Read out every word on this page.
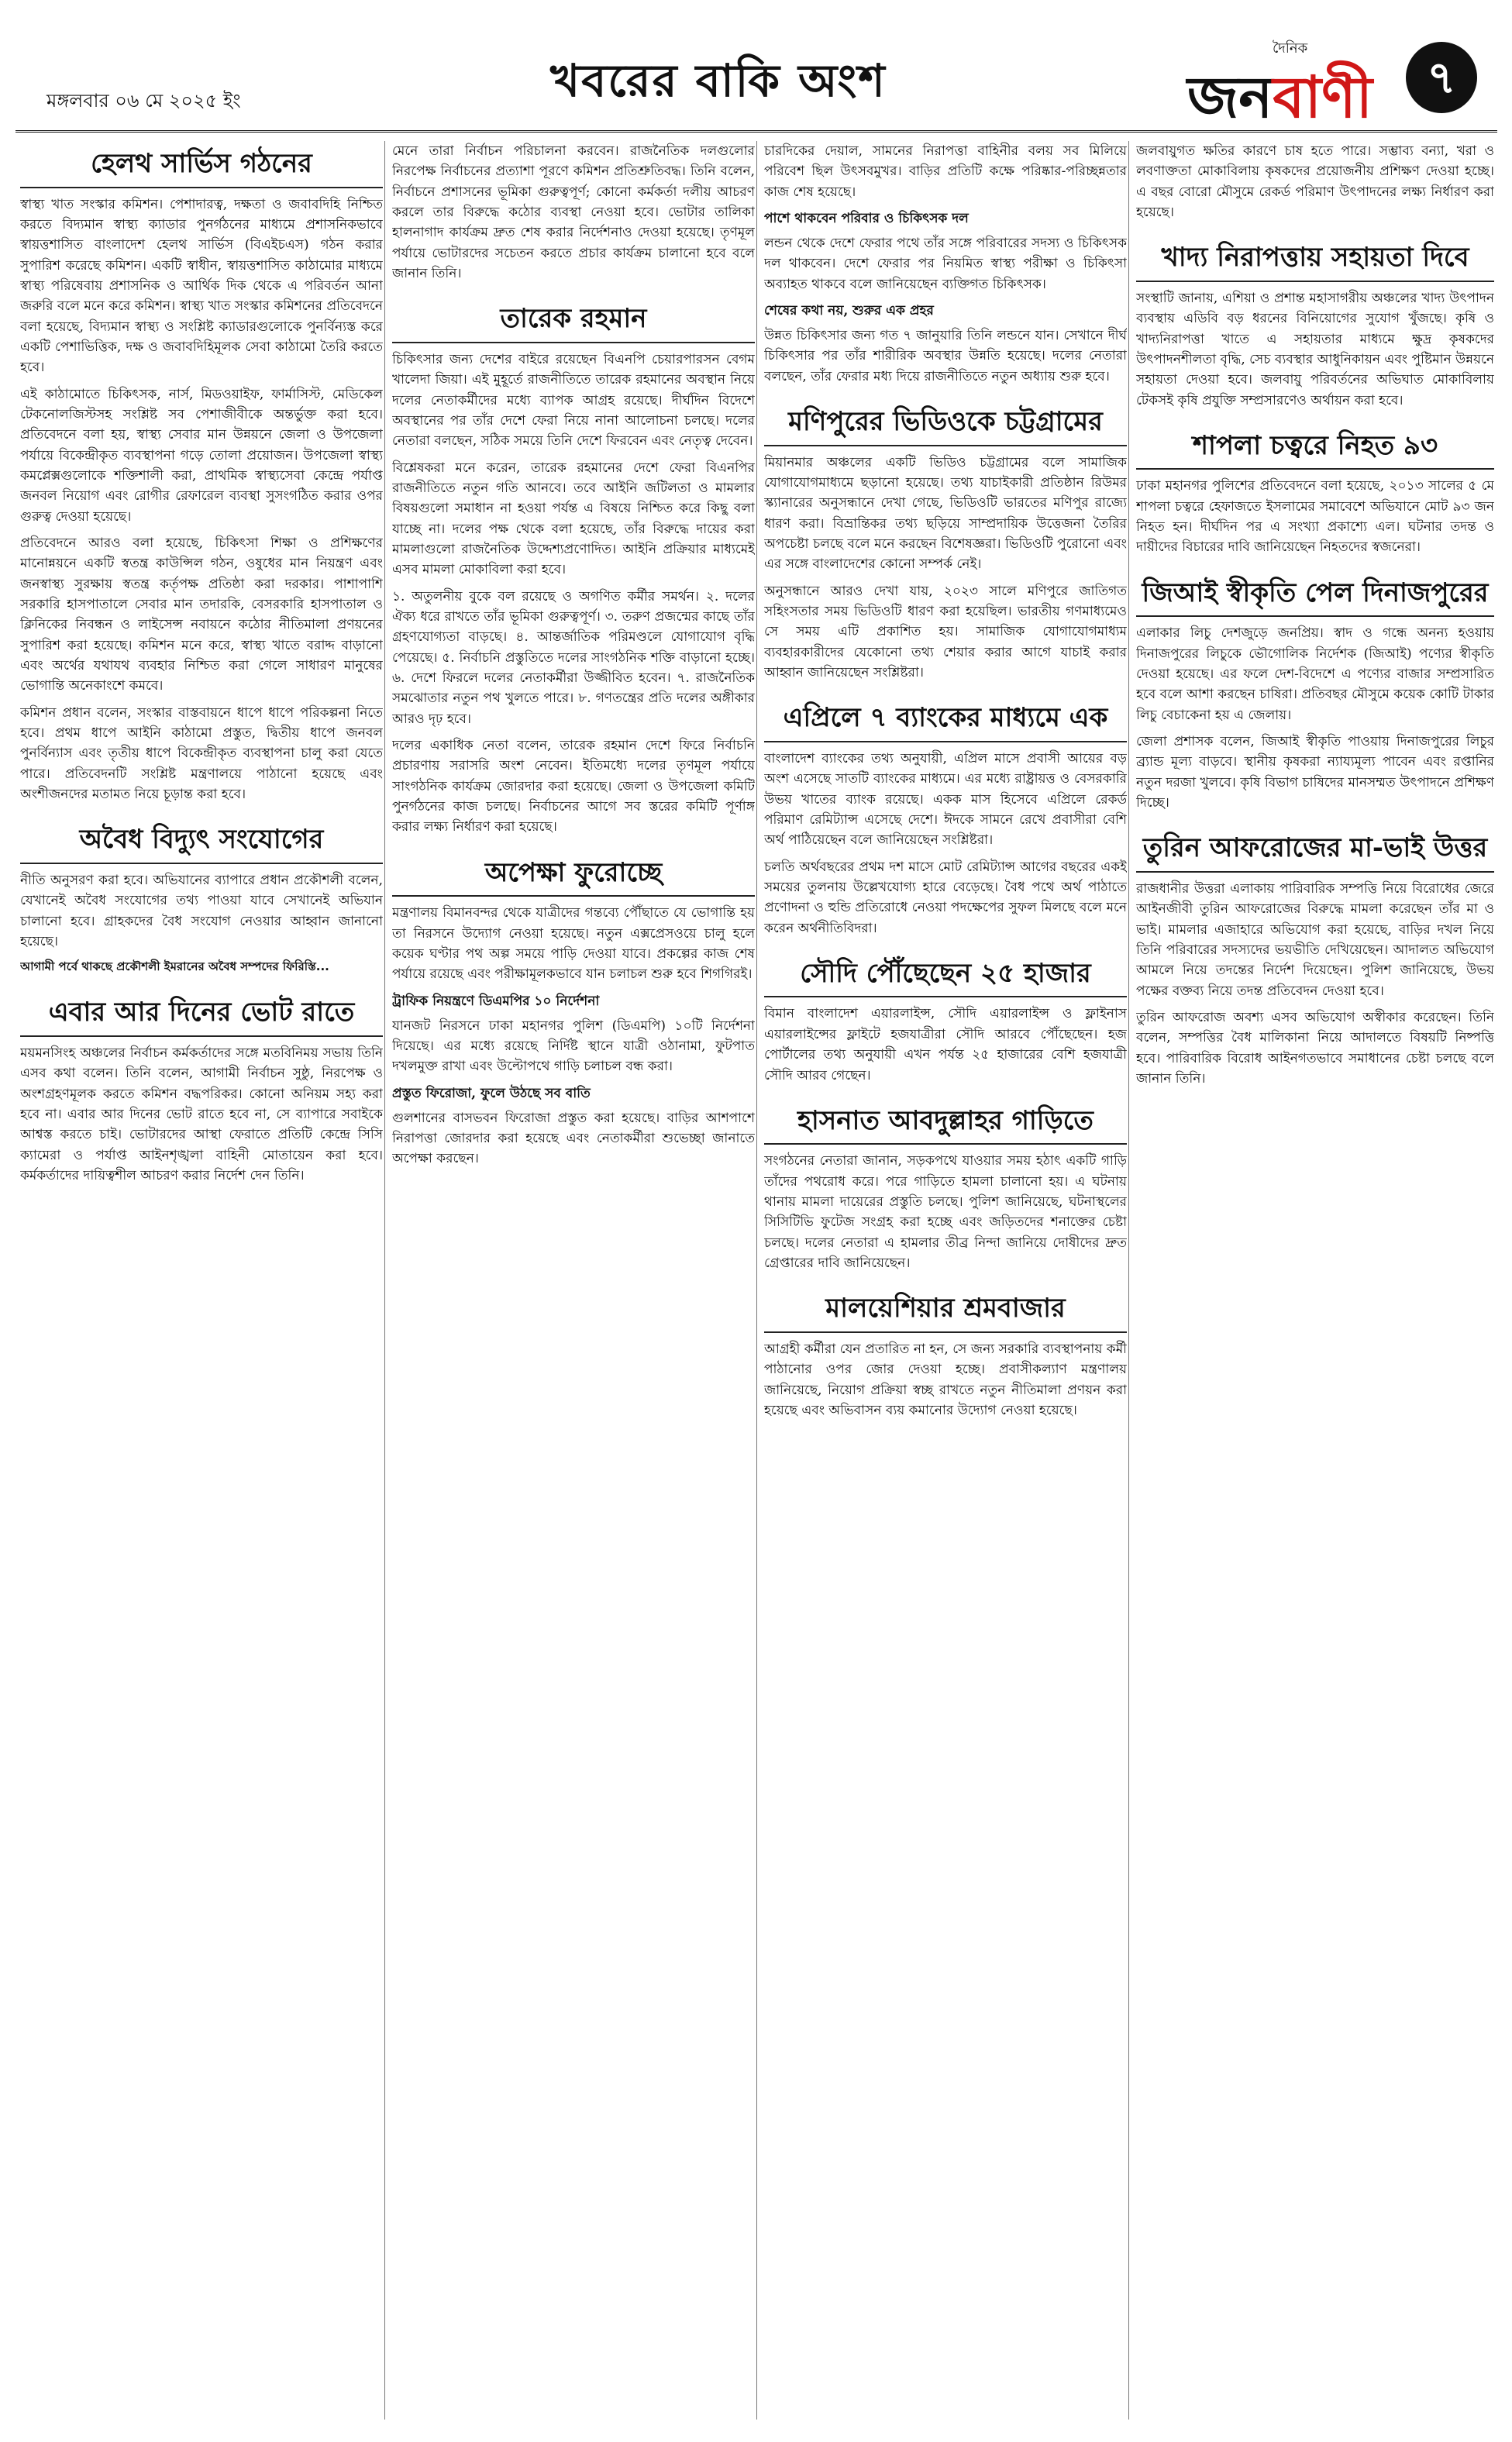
মঙ্গলবার ০৬ মে ২০২৫ ইং	খবরের বাকি অংশ
দৈনিক
জনবাণী	৭
হেলথ সার্ভিস গঠনের

স্বাস্থ্য খাত সংস্কার কমিশন। পেশাদারত্ব, দক্ষতা ও জবাবদিহি নিশ্চিত করতে বিদ্যমান স্বাস্থ্য ক্যাডার পুনর্গঠনের মাধ্যমে প্রশাসনিকভাবে স্বায়ত্তশাসিত বাংলাদেশ হেলথ সার্ভিস (বিএইচএস) গঠন করার সুপারিশ করেছে কমিশন। একটি স্বাধীন, স্বায়ত্তশাসিত কাঠামোর মাধ্যমে স্বাস্থ্য পরিষেবায় প্রশাসনিক ও আর্থিক দিক থেকে এ পরিবর্তন আনা জরুরি বলে মনে করে কমিশন। স্বাস্থ্য খাত সংস্কার কমিশনের প্রতিবেদনে বলা হয়েছে, বিদ্যমান স্বাস্থ্য ও সংশ্লিষ্ট ক্যাডারগুলোকে পুনর্বিন্যস্ত করে একটি পেশাভিত্তিক, দক্ষ ও জবাবদিহিমূলক সেবা কাঠামো তৈরি করতে হবে।

এই কাঠামোতে চিকিৎসক, নার্স, মিডওয়াইফ, ফার্মাসিস্ট, মেডিকেল টেকনোলজিস্টসহ সংশ্লিষ্ট সব পেশাজীবীকে অন্তর্ভুক্ত করা হবে। প্রতিবেদনে বলা হয়, স্বাস্থ্য সেবার মান উন্নয়নে জেলা ও উপজেলা পর্যায়ে বিকেন্দ্রীকৃত ব্যবস্থাপনা গড়ে তোলা প্রয়োজন। উপজেলা স্বাস্থ্য কমপ্লেক্সগুলোকে শক্তিশালী করা, প্রাথমিক স্বাস্থ্যসেবা কেন্দ্রে পর্যাপ্ত জনবল নিয়োগ এবং রোগীর রেফারেল ব্যবস্থা সুসংগঠিত করার ওপর গুরুত্ব দেওয়া হয়েছে।

প্রতিবেদনে আরও বলা হয়েছে, চিকিৎসা শিক্ষা ও প্রশিক্ষণের মানোন্নয়নে একটি স্বতন্ত্র কাউন্সিল গঠন, ওষুধের মান নিয়ন্ত্রণ এবং জনস্বাস্থ্য সুরক্ষায় স্বতন্ত্র কর্তৃপক্ষ প্রতিষ্ঠা করা দরকার। পাশাপাশি সরকারি হাসপাতালে সেবার মান তদারকি, বেসরকারি হাসপাতাল ও ক্লিনিকের নিবন্ধন ও লাইসেন্স নবায়নে কঠোর নীতিমালা প্রণয়নের সুপারিশ করা হয়েছে। কমিশন মনে করে, স্বাস্থ্য খাতে বরাদ্দ বাড়ানো এবং অর্থের যথাযথ ব্যবহার নিশ্চিত করা গেলে সাধারণ মানুষের ভোগান্তি অনেকাংশে কমবে।

কমিশন প্রধান বলেন, সংস্কার বাস্তবায়নে ধাপে ধাপে পরিকল্পনা নিতে হবে। প্রথম ধাপে আইনি কাঠামো প্রস্তুত, দ্বিতীয় ধাপে জনবল পুনর্বিন্যাস এবং তৃতীয় ধাপে বিকেন্দ্রীকৃত ব্যবস্থাপনা চালু করা যেতে পারে। প্রতিবেদনটি সংশ্লিষ্ট মন্ত্রণালয়ে পাঠানো হয়েছে এবং অংশীজনদের মতামত নিয়ে চূড়ান্ত করা হবে।

অবৈধ বিদ্যুৎ সংযোগের

নীতি অনুসরণ করা হবে। অভিযানের ব্যাপারে প্রধান প্রকৌশলী বলেন, যেখানেই অবৈধ সংযোগের তথ্য পাওয়া যাবে সেখানেই অভিযান চালানো হবে। গ্রাহকদের বৈধ সংযোগ নেওয়ার আহ্বান জানানো হয়েছে।

আগামী পর্বে থাকছে প্রকৌশলী ইমরানের অবৈধ সম্পদের ফিরিস্তি...
এবার আর দিনের ভোট রাতে

ময়মনসিংহ অঞ্চলের নির্বাচন কর্মকর্তাদের সঙ্গে মতবিনিময় সভায় তিনি এসব কথা বলেন। তিনি বলেন, আগামী নির্বাচন সুষ্ঠু, নিরপেক্ষ ও অংশগ্রহণমূলক করতে কমিশন বদ্ধপরিকর। কোনো অনিয়ম সহ্য করা হবে না। এবার আর দিনের ভোট রাতে হবে না, সে ব্যাপারে সবাইকে আশ্বস্ত করতে চাই। ভোটারদের আস্থা ফেরাতে প্রতিটি কেন্দ্রে সিসি ক্যামেরা ও পর্যাপ্ত আইনশৃঙ্খলা বাহিনী মোতায়েন করা হবে। কর্মকর্তাদের দায়িত্বশীল আচরণ করার নির্দেশ দেন তিনি।

মেনে তারা নির্বাচন পরিচালনা করবেন। রাজনৈতিক দলগুলোর নিরপেক্ষ নির্বাচনের প্রত্যাশা পূরণে কমিশন প্রতিশ্রুতিবদ্ধ। তিনি বলেন, নির্বাচনে প্রশাসনের ভূমিকা গুরুত্বপূর্ণ; কোনো কর্মকর্তা দলীয় আচরণ করলে তার বিরুদ্ধে কঠোর ব্যবস্থা নেওয়া হবে। ভোটার তালিকা হালনাগাদ কার্যক্রম দ্রুত শেষ করার নির্দেশনাও দেওয়া হয়েছে। তৃণমূল পর্যায়ে ভোটারদের সচেতন করতে প্রচার কার্যক্রম চালানো হবে বলে জানান তিনি।

তারেক রহমান

চিকিৎসার জন্য দেশের বাইরে রয়েছেন বিএনপি চেয়ারপারসন বেগম খালেদা জিয়া। এই মুহূর্তে রাজনীতিতে তারেক রহমানের অবস্থান নিয়ে দলের নেতাকর্মীদের মধ্যে ব্যাপক আগ্রহ রয়েছে। দীর্ঘদিন বিদেশে অবস্থানের পর তাঁর দেশে ফেরা নিয়ে নানা আলোচনা চলছে। দলের নেতারা বলছেন, সঠিক সময়ে তিনি দেশে ফিরবেন এবং নেতৃত্ব দেবেন।

বিশ্লেষকরা মনে করেন, তারেক রহমানের দেশে ফেরা বিএনপির রাজনীতিতে নতুন গতি আনবে। তবে আইনি জটিলতা ও মামলার বিষয়গুলো সমাধান না হওয়া পর্যন্ত এ বিষয়ে নিশ্চিত করে কিছু বলা যাচ্ছে না। দলের পক্ষ থেকে বলা হয়েছে, তাঁর বিরুদ্ধে দায়ের করা মামলাগুলো রাজনৈতিক উদ্দেশ্যপ্রণোদিত। আইনি প্রক্রিয়ার মাধ্যমেই এসব মামলা মোকাবিলা করা হবে।

১. অতুলনীয় বুকে বল রয়েছে ও অগণিত কর্মীর সমর্থন। ২. দলের ঐক্য ধরে রাখতে তাঁর ভূমিকা গুরুত্বপূর্ণ। ৩. তরুণ প্রজন্মের কাছে তাঁর গ্রহণযোগ্যতা বাড়ছে। ৪. আন্তর্জাতিক পরিমণ্ডলে যোগাযোগ বৃদ্ধি পেয়েছে। ৫. নির্বাচনি প্রস্তুতিতে দলের সাংগঠনিক শক্তি বাড়ানো হচ্ছে। ৬. দেশে ফিরলে দলের নেতাকর্মীরা উজ্জীবিত হবেন। ৭. রাজনৈতিক সমঝোতার নতুন পথ খুলতে পারে। ৮. গণতন্ত্রের প্রতি দলের অঙ্গীকার আরও দৃঢ় হবে।

দলের একাধিক নেতা বলেন, তারেক রহমান দেশে ফিরে নির্বাচনি প্রচারণায় সরাসরি অংশ নেবেন। ইতিমধ্যে দলের তৃণমূল পর্যায়ে সাংগঠনিক কার্যক্রম জোরদার করা হয়েছে। জেলা ও উপজেলা কমিটি পুনর্গঠনের কাজ চলছে। নির্বাচনের আগে সব স্তরের কমিটি পূর্ণাঙ্গ করার লক্ষ্য নির্ধারণ করা হয়েছে।

অপেক্ষা ফুরোচ্ছে

মন্ত্রণালয় বিমানবন্দর থেকে যাত্রীদের গন্তব্যে পৌঁছাতে যে ভোগান্তি হয় তা নিরসনে উদ্যোগ নেওয়া হয়েছে। নতুন এক্সপ্রেসওয়ে চালু হলে কয়েক ঘণ্টার পথ অল্প সময়ে পাড়ি দেওয়া যাবে। প্রকল্পের কাজ শেষ পর্যায়ে রয়েছে এবং পরীক্ষামূলকভাবে যান চলাচল শুরু হবে শিগগিরই।

ট্রাফিক নিয়ন্ত্রণে ডিএমপির ১০ নির্দেশনা

যানজট নিরসনে ঢাকা মহানগর পুলিশ (ডিএমপি) ১০টি নির্দেশনা দিয়েছে। এর মধ্যে রয়েছে নির্দিষ্ট স্থানে যাত্রী ওঠানামা, ফুটপাত দখলমুক্ত রাখা এবং উল্টোপথে গাড়ি চলাচল বন্ধ করা।

প্রস্তুত ফিরোজা, ফুলে উঠছে সব বাতি

গুলশানের বাসভবন ফিরোজা প্রস্তুত করা হয়েছে। বাড়ির আশপাশে নিরাপত্তা জোরদার করা হয়েছে এবং নেতাকর্মীরা শুভেচ্ছা জানাতে অপেক্ষা করছেন।

চারদিকের দেয়াল, সামনের নিরাপত্তা বাহিনীর বলয় সব মিলিয়ে পরিবেশ ছিল উৎসবমুখর। বাড়ির প্রতিটি কক্ষে পরিষ্কার-পরিচ্ছন্নতার কাজ শেষ হয়েছে।

পাশে থাকবেন পরিবার ও চিকিৎসক দল

লন্ডন থেকে দেশে ফেরার পথে তাঁর সঙ্গে পরিবারের সদস্য ও চিকিৎসক দল থাকবেন। দেশে ফেরার পর নিয়মিত স্বাস্থ্য পরীক্ষা ও চিকিৎসা অব্যাহত থাকবে বলে জানিয়েছেন ব্যক্তিগত চিকিৎসক।

শেষের কথা নয়, শুরুর এক প্রহর

উন্নত চিকিৎসার জন্য গত ৭ জানুয়ারি তিনি লন্ডনে যান। সেখানে দীর্ঘ চিকিৎসার পর তাঁর শারীরিক অবস্থার উন্নতি হয়েছে। দলের নেতারা বলছেন, তাঁর ফেরার মধ্য দিয়ে রাজনীতিতে নতুন অধ্যায় শুরু হবে।

মণিপুরের ভিডিওকে চট্টগ্রামের

মিয়ানমার অঞ্চলের একটি ভিডিও চট্টগ্রামের বলে সামাজিক যোগাযোগমাধ্যমে ছড়ানো হয়েছে। তথ্য যাচাইকারী প্রতিষ্ঠান রিউমর স্ক্যানারের অনুসন্ধানে দেখা গেছে, ভিডিওটি ভারতের মণিপুর রাজ্যে ধারণ করা। বিভ্রান্তিকর তথ্য ছড়িয়ে সাম্প্রদায়িক উত্তেজনা তৈরির অপচেষ্টা চলছে বলে মনে করছেন বিশেষজ্ঞরা। ভিডিওটি পুরোনো এবং এর সঙ্গে বাংলাদেশের কোনো সম্পর্ক নেই।

অনুসন্ধানে আরও দেখা যায়, ২০২৩ সালে মণিপুরে জাতিগত সহিংসতার সময় ভিডিওটি ধারণ করা হয়েছিল। ভারতীয় গণমাধ্যমেও সে সময় এটি প্রকাশিত হয়। সামাজিক যোগাযোগমাধ্যম ব্যবহারকারীদের যেকোনো তথ্য শেয়ার করার আগে যাচাই করার আহ্বান জানিয়েছেন সংশ্লিষ্টরা।

এপ্রিলে ৭ ব্যাংকের মাধ্যমে এক

বাংলাদেশ ব্যাংকের তথ্য অনুযায়ী, এপ্রিল মাসে প্রবাসী আয়ের বড় অংশ এসেছে সাতটি ব্যাংকের মাধ্যমে। এর মধ্যে রাষ্ট্রায়ত্ত ও বেসরকারি উভয় খাতের ব্যাংক রয়েছে। একক মাস হিসেবে এপ্রিলে রেকর্ড পরিমাণ রেমিট্যান্স এসেছে দেশে। ঈদকে সামনে রেখে প্রবাসীরা বেশি অর্থ পাঠিয়েছেন বলে জানিয়েছেন সংশ্লিষ্টরা।

চলতি অর্থবছরের প্রথম দশ মাসে মোট রেমিট্যান্স আগের বছরের একই সময়ের তুলনায় উল্লেখযোগ্য হারে বেড়েছে। বৈধ পথে অর্থ পাঠাতে প্রণোদনা ও হুন্ডি প্রতিরোধে নেওয়া পদক্ষেপের সুফল মিলছে বলে মনে করেন অর্থনীতিবিদরা।

সৌদি পৌঁছেছেন ২৫ হাজার

বিমান বাংলাদেশ এয়ারলাইন্স, সৌদি এয়ারলাইন্স ও ফ্লাইনাস এয়ারলাইন্সের ফ্লাইটে হজযাত্রীরা সৌদি আরবে পৌঁছেছেন। হজ পোর্টালের তথ্য অনুযায়ী এখন পর্যন্ত ২৫ হাজারের বেশি হজযাত্রী সৌদি আরব গেছেন।

হাসনাত আবদুল্লাহর গাড়িতে

সংগঠনের নেতারা জানান, সড়কপথে যাওয়ার সময় হঠাৎ একটি গাড়ি তাঁদের পথরোধ করে। পরে গাড়িতে হামলা চালানো হয়। এ ঘটনায় থানায় মামলা দায়েরের প্রস্তুতি চলছে। পুলিশ জানিয়েছে, ঘটনাস্থলের সিসিটিভি ফুটেজ সংগ্রহ করা হচ্ছে এবং জড়িতদের শনাক্তের চেষ্টা চলছে। দলের নেতারা এ হামলার তীব্র নিন্দা জানিয়ে দোষীদের দ্রুত গ্রেপ্তারের দাবি জানিয়েছেন।

মালয়েশিয়ার শ্রমবাজার

আগ্রহী কর্মীরা যেন প্রতারিত না হন, সে জন্য সরকারি ব্যবস্থাপনায় কর্মী পাঠানোর ওপর জোর দেওয়া হচ্ছে। প্রবাসীকল্যাণ মন্ত্রণালয় জানিয়েছে, নিয়োগ প্রক্রিয়া স্বচ্ছ রাখতে নতুন নীতিমালা প্রণয়ন করা হয়েছে এবং অভিবাসন ব্যয় কমানোর উদ্যোগ নেওয়া হয়েছে।

জলবায়ুগত ক্ষতির কারণে চাষ হতে পারে। সম্ভাব্য বন্যা, খরা ও লবণাক্ততা মোকাবিলায় কৃষকদের প্রয়োজনীয় প্রশিক্ষণ দেওয়া হচ্ছে। এ বছর বোরো মৌসুমে রেকর্ড পরিমাণ উৎপাদনের লক্ষ্য নির্ধারণ করা হয়েছে।

খাদ্য নিরাপত্তায় সহায়তা দিবে

সংস্থাটি জানায়, এশিয়া ও প্রশান্ত মহাসাগরীয় অঞ্চলের খাদ্য উৎপাদন ব্যবস্থায় এডিবি বড় ধরনের বিনিয়োগের সুযোগ খুঁজছে। কৃষি ও খাদ্যনিরাপত্তা খাতে এ সহায়তার মাধ্যমে ক্ষুদ্র কৃষকদের উৎপাদনশীলতা বৃদ্ধি, সেচ ব্যবস্থার আধুনিকায়ন এবং পুষ্টিমান উন্নয়নে সহায়তা দেওয়া হবে। জলবায়ু পরিবর্তনের অভিঘাত মোকাবিলায় টেকসই কৃষি প্রযুক্তি সম্প্রসারণেও অর্থায়ন করা হবে।

শাপলা চত্বরে নিহত ৯৩

ঢাকা মহানগর পুলিশের প্রতিবেদনে বলা হয়েছে, ২০১৩ সালের ৫ মে শাপলা চত্বরে হেফাজতে ইসলামের সমাবেশে অভিযানে মোট ৯৩ জন নিহত হন। দীর্ঘদিন পর এ সংখ্যা প্রকাশ্যে এল। ঘটনার তদন্ত ও দায়ীদের বিচারের দাবি জানিয়েছেন নিহতদের স্বজনেরা।

জিআই স্বীকৃতি পেল দিনাজপুরের

এলাকার লিচু দেশজুড়ে জনপ্রিয়। স্বাদ ও গন্ধে অনন্য হওয়ায় দিনাজপুরের লিচুকে ভৌগোলিক নির্দেশক (জিআই) পণ্যের স্বীকৃতি দেওয়া হয়েছে। এর ফলে দেশ-বিদেশে এ পণ্যের বাজার সম্প্রসারিত হবে বলে আশা করছেন চাষিরা। প্রতিবছর মৌসুমে কয়েক কোটি টাকার লিচু বেচাকেনা হয় এ জেলায়।

জেলা প্রশাসক বলেন, জিআই স্বীকৃতি পাওয়ায় দিনাজপুরের লিচুর ব্র্যান্ড মূল্য বাড়বে। স্থানীয় কৃষকরা ন্যায্যমূল্য পাবেন এবং রপ্তানির নতুন দরজা খুলবে। কৃষি বিভাগ চাষিদের মানসম্মত উৎপাদনে প্রশিক্ষণ দিচ্ছে।

তুরিন আফরোজের মা-ভাই উত্তর

রাজধানীর উত্তরা এলাকায় পারিবারিক সম্পত্তি নিয়ে বিরোধের জেরে আইনজীবী তুরিন আফরোজের বিরুদ্ধে মামলা করেছেন তাঁর মা ও ভাই। মামলার এজাহারে অভিযোগ করা হয়েছে, বাড়ির দখল নিয়ে তিনি পরিবারের সদস্যদের ভয়ভীতি দেখিয়েছেন। আদালত অভিযোগ আমলে নিয়ে তদন্তের নির্দেশ দিয়েছেন। পুলিশ জানিয়েছে, উভয় পক্ষের বক্তব্য নিয়ে তদন্ত প্রতিবেদন দেওয়া হবে।

তুরিন আফরোজ অবশ্য এসব অভিযোগ অস্বীকার করেছেন। তিনি বলেন, সম্পত্তির বৈধ মালিকানা নিয়ে আদালতে বিষয়টি নিষ্পত্তি হবে। পারিবারিক বিরোধ আইনগতভাবে সমাধানের চেষ্টা চলছে বলে জানান তিনি।
